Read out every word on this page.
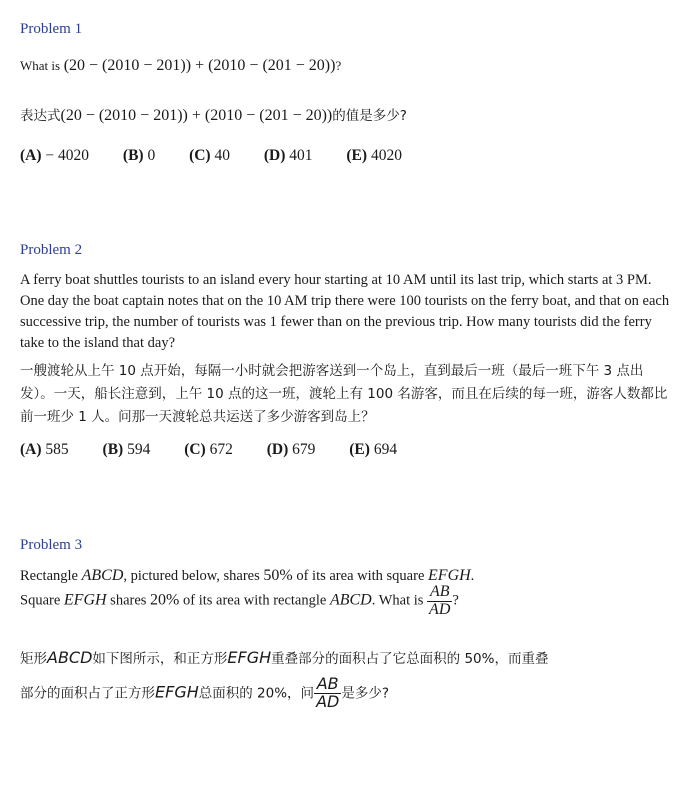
Problem 1
What is (20 − (2010 − 201)) + (2010 − (201 − 20))?
表达式(20 − (2010 − 201)) + (2010 − (201 − 20))的值是多少?
(A) − 4020 (B) 0 (C) 40 (D) 401 (E) 4020
Problem 2
A ferry boat shuttles tourists to an island every hour starting at 10 AM until its last trip, which starts at 3 PM. One day the boat captain notes that on the 10 AM trip there were 100 tourists on the ferry boat, and that on each successive trip, the number of tourists was 1 fewer than on the previous trip. How many tourists did the ferry take to the island that day?
一艘渡轮从上午 10 点开始，每隔一小时就会把游客送到一个岛上，直到最后一班（最后一班下午 3 点出发）。一天，船长注意到，上午 10 点的这一班，渡轮上有 100 名游客，而且在后续的每一班，游客人数都比前一班少 1 人。问那一天渡轮总共运送了多少游客到岛上？
(A) 585 (B) 594 (C) 672 (D) 679 (E) 694
Problem 3
Rectangle ABCD, pictured below, shares 50% of its area with square EFGH.
Square EFGH shares 20% of its area with rectangle ABCD. What is $\frac{AB}{AD}$ ?
矩形ABCD如下图所示，和正方形EFGH重叠部分的面积占了它总面积的 50%，而重叠
部分的面积占了正方形EFGH总面积的 20%，问 $\frac{AB}{AD}$ 是多少?
